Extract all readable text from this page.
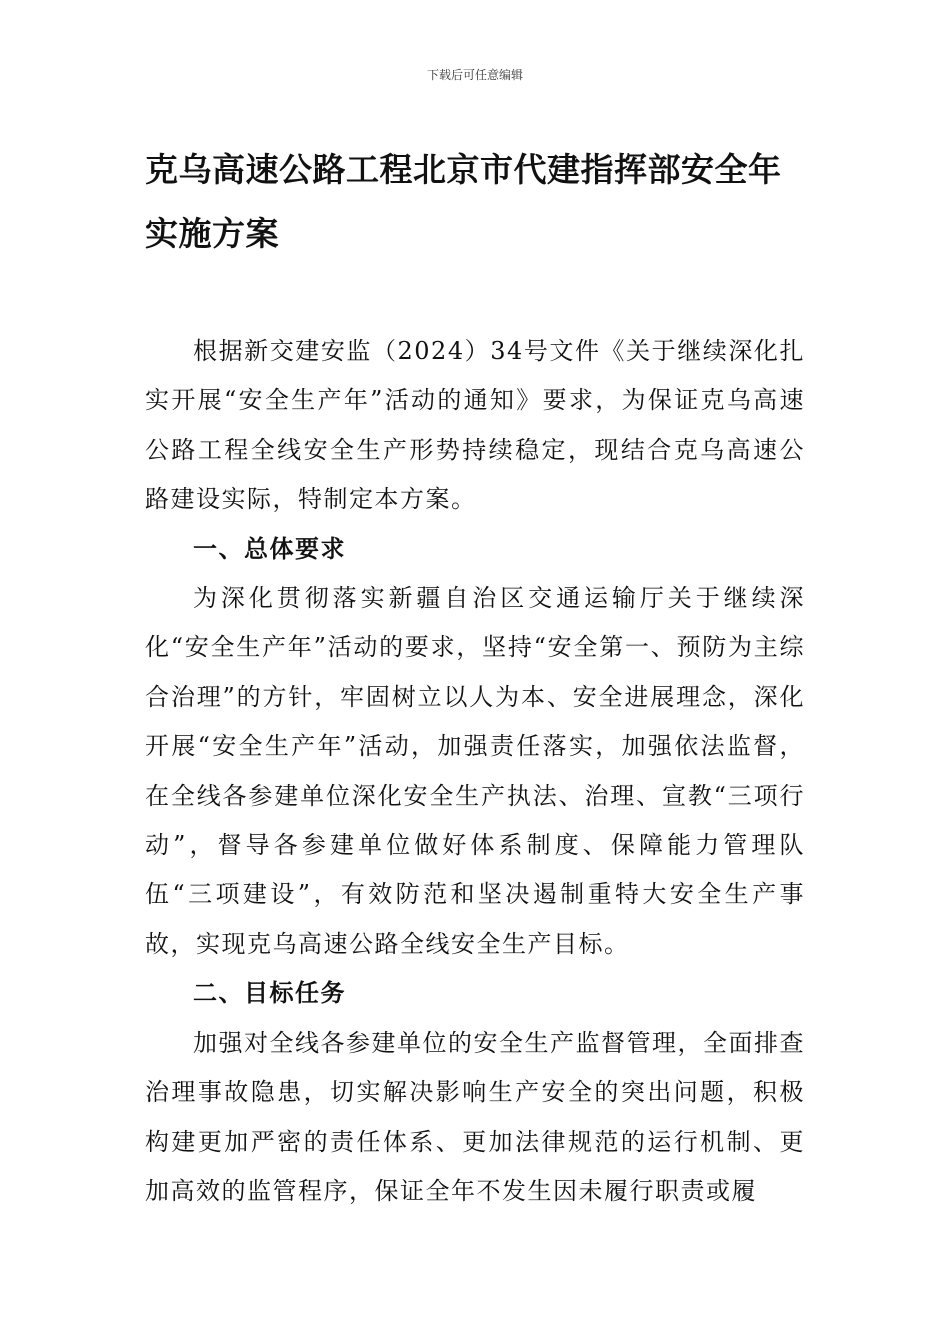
下载后可任意编辑
克乌高速公路工程北京市代建指挥部安全年实施方案

根据新交建安监（2024）34号文件《关于继续深化扎实开展“安全生产年”活动的通知》要求，为保证克乌高速公路工程全线安全生产形势持续稳定，现结合克乌高速公路建设实际，特制定本方案。

一、总体要求

为深化贯彻落实新疆自治区交通运输厅关于继续深化“安全生产年”活动的要求，坚持“安全第一、预防为主综合治理”的方针，牢固树立以人为本、安全进展理念，深化开展“安全生产年”活动，加强责任落实，加强依法监督，在全线各参建单位深化安全生产执法、治理、宣教“三项行动”，督导各参建单位做好体系制度、保障能力管理队伍“三项建设”，有效防范和坚决遏制重特大安全生产事故，实现克乌高速公路全线安全生产目标。

二、目标任务

加强对全线各参建单位的安全生产监督管理，全面排查治理事故隐患，切实解决影响生产安全的突出问题，积极构建更加严密的责任体系、更加法律规范的运行机制、更加高效的监管程序，保证全年不发生因未履行职责或履
